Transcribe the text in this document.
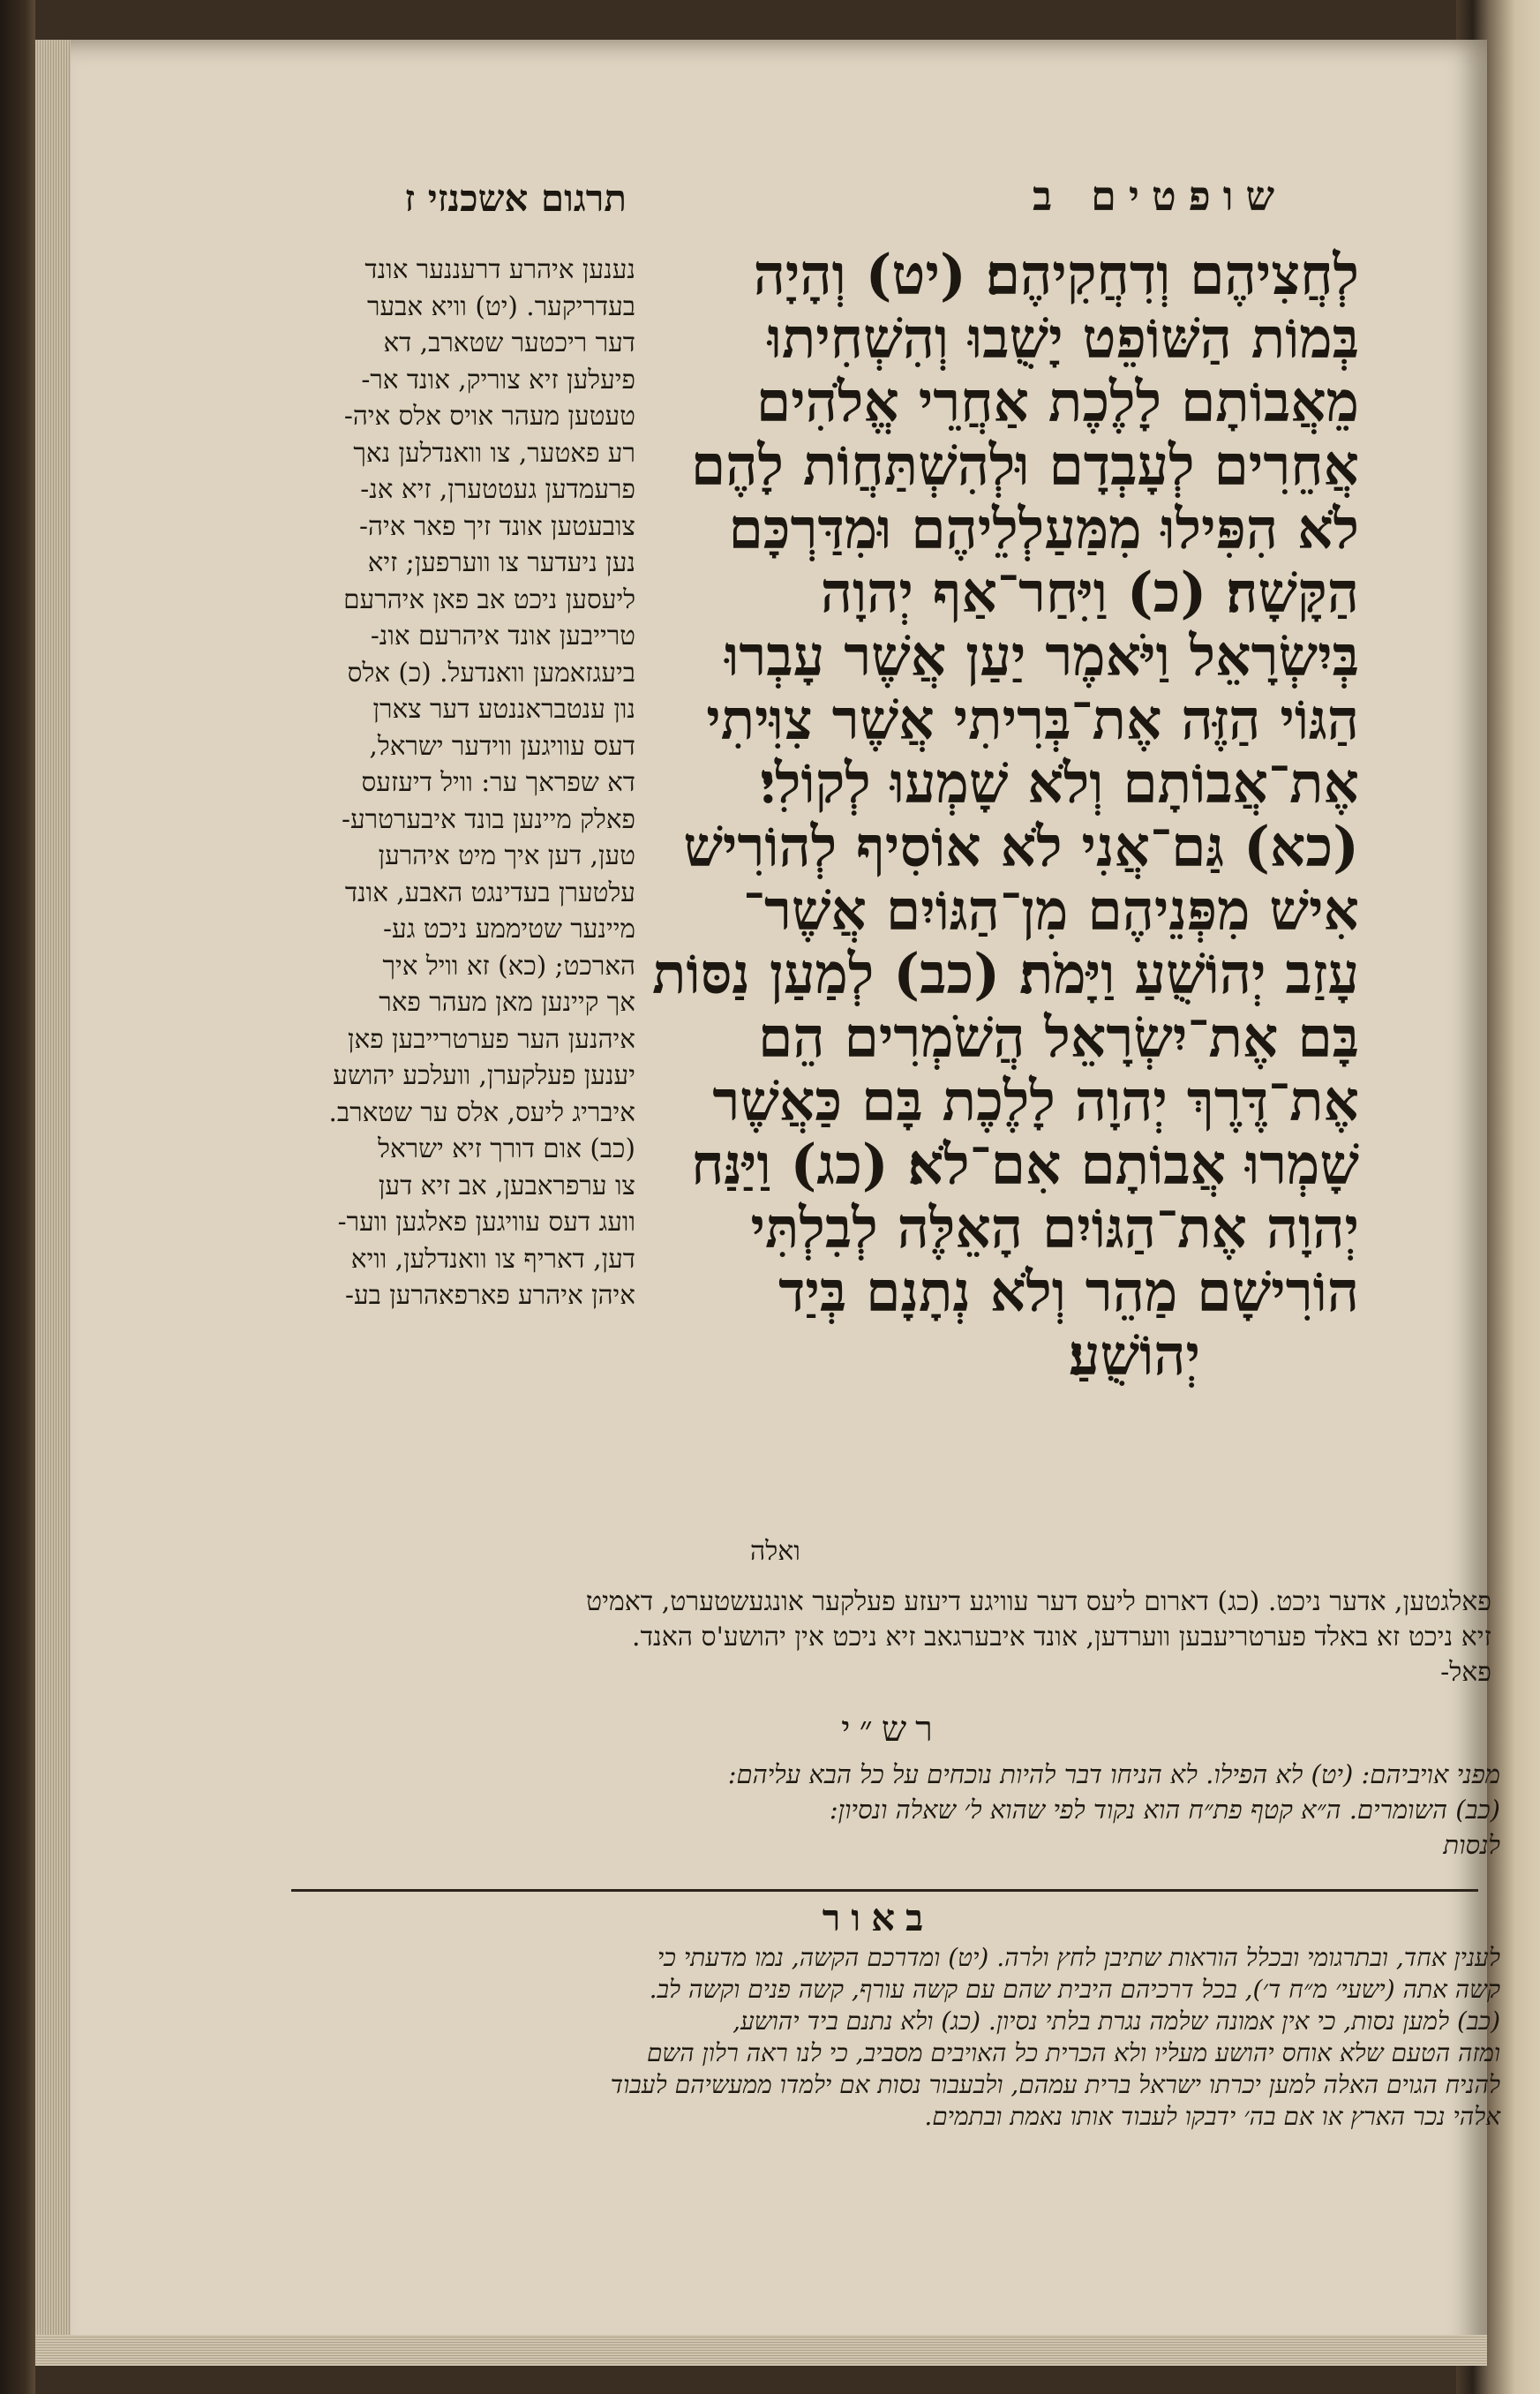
שופטים ב
תרגום אשכנזי ז
לְחֲצִיהֶם וְדִחֲקִיהֶם׃ (יט) וְהָיָה
בְּמוֹת הַשּׁוֹפֵט יָשֻׁבוּ וְהִשְׁחִיתוּ
מֵאֲבוֹתָם לָלֶכֶת אַחֲרֵי אֱלֹהִים
אֲחֵרִים לְעָבְדָם וּלְהִשְׁתַּחֲוֹת לָהֶם
לֹא הִפִּילוּ מִמַּעַלְלֵיהֶם וּמִדַּרְכָּם
הַקָּשָׁה׃ (כ) וַיִּחַר־אַף יְהוָה
בְּיִשְׂרָאֵל וַיֹּאמֶר יַעַן אֲשֶׁר עָבְרוּ
הַגּוֹי הַזֶּה אֶת־בְּרִיתִי אֲשֶׁר צִוִּיתִי
אֶת־אֲבוֹתָם וְלֹא שָׁמְעוּ לְקוֹלִי׃
(כא) גַּם־אֲנִי לֹא אוֹסִיף לְהוֹרִישׁ
אִישׁ מִפְּנֵיהֶם מִן־הַגּוֹיִם אֲשֶׁר־
עָזַב יְהוֹשֻׁעַ וַיָּמֹת׃ (כב) לְמַעַן נַסּוֹת
בָּם אֶת־יִשְׂרָאֵל הֲשֹׁמְרִים הֵם
אֶת־דֶּרֶךְ יְהוָה לָלֶכֶת בָּם כַּאֲשֶׁר
שָׁמְרוּ אֲבוֹתָם אִם־לֹא׃ (כג) וַיַּנַּח
יְהוָה אֶת־הַגּוֹיִם הָאֵלֶּה לְבִלְתִּי
הוֹרִישָׁם מַהֵר וְלֹא נְתָנָם בְּיַד
יְהוֹשֻׁעַ׃
נענען איהרע דרעננער אונד
בעדריקער. (יט) וויא אבער
דער ריכטער שטארב, דא
פיעלען זיא צוריק, אונד אר-
טעטען מעהר אויס אלס איה-
רע פאטער, צו וואנדלען נאך
פרעמדען געטטערן, זיא אנ-
צובעטען אונד זיך פאר איה-
נען ניעדער צו ווערפען; זיא
ליעסען ניכט אב פאן איהרעם
טרייבען אונד איהרעם אונ-
ביעגזאמען וואנדעל. (כ) אלס
נון ענטבראננטע דער צארן
דעס עוויגען ווידער ישראל,
דא שפראך ער: וויל דיעזעס
פאלק מיינען בונד איבערטרע-
טען, דען איך מיט איהרען
עלטערן בעדינגט האבע, אונד
מיינער שטיממע ניכט גע-
הארכט; (כא) זא וויל איך
אך קיינען מאן מעהר פאר
איהנען הער פערטרייבען פאן
יענען פעלקערן, וועלכע יהושע
איבריג ליעס, אלס ער שטארב.
(כב) אום דורך זיא ישראל
צו ערפראבען, אב זיא דען
וועג דעס עוויגען פאלגען ווער-
דען, דאריף צו וואנדלען, וויא
איהן איהרע פארפאהרען בע-
ואלה
פאלגטען, אדער ניכט. (כג) דארום ליעס דער עוויגע דיעזע פעלקער אונגעשטערט, דאמיט
זיא ניכט זא באלד פערטריעבען ווערדען, אונד איבערגאב זיא ניכט אין יהושע'ס האנד.
פאל-
רש״י
מפני אויביהם: (יט) לא הפילו. לא הניחו דבר להיות נוכחים על כל הבא עליהם:
(כב) השומרים. ה״א קטף פת״ח הוא נקוד לפי שהוא ל׳ שאלה ונסיון:
לנסות
באור
לענין אחד, ובתרגומי ובכלל הוראות שתיבן לחץ ולרה. (יט) ומדרכם הקשה, נמו מדעתי כי
קשה אתה (ישעי׳ מ״ח ד׳), בכל דרכיהם היבית שהם עם קשה עורף, קשה פנים וקשה לב.
(כב) למען נסות, כי אין אמונה שלמה נגרת בלתי נסיון. (כג) ולא נתנם ביד יהושע,
ומזה הטעם שלא אוחס יהושע מעליו ולא הכרית כל האויבים מסביב, כי לנו ראה רלון השם
להניח הגוים האלה למען יכרתו ישראל ברית עמהם, ולבעבור נסות אם ילמדו ממעשיהם לעבוד
אלהי נכר הארץ או אם בה׳ ידבקו לעבוד אותו נאמת ובתמים.
